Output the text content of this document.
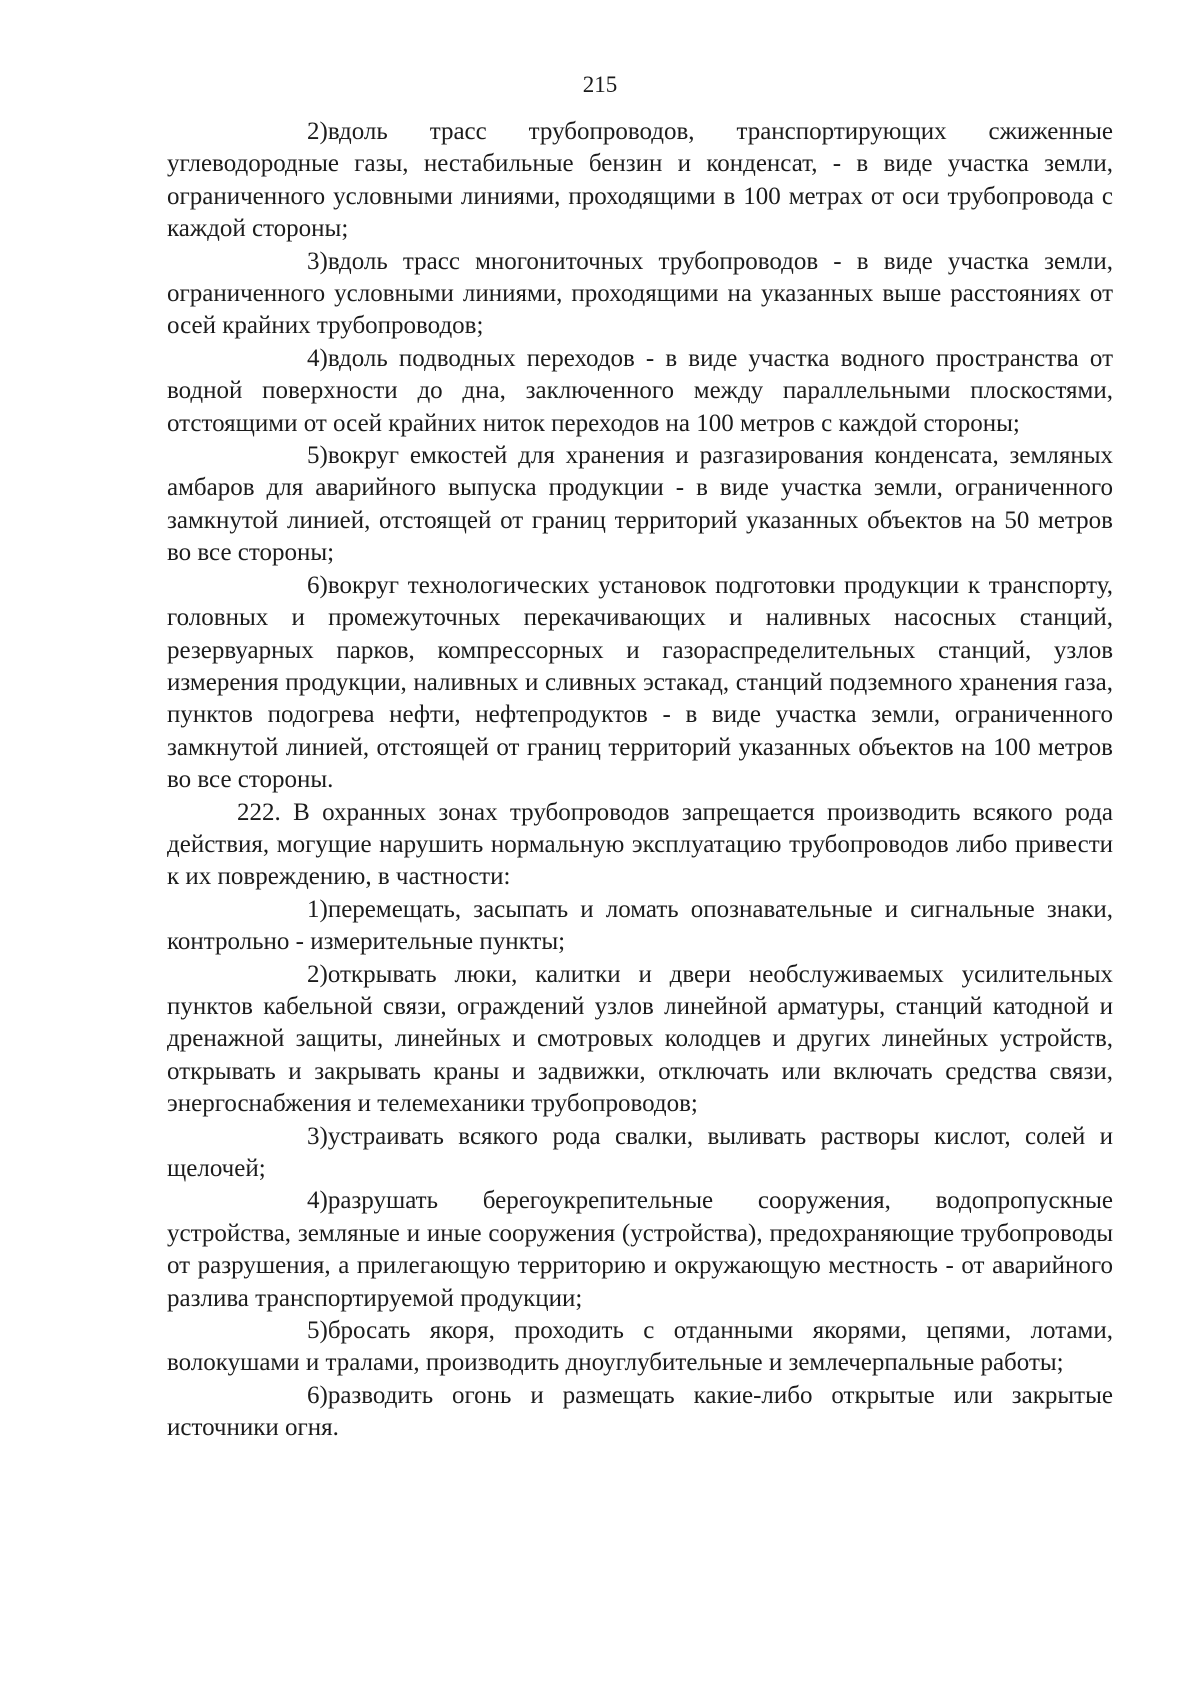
215

2)вдоль трасс трубопроводов, транспортирующих сжиженные углеводородные газы, нестабильные бензин и конденсат, - в виде участка земли, ограниченного условными линиями, проходящими в 100 метрах от оси трубопровода с каждой стороны;

3)вдоль трасс многониточных трубопроводов - в виде участка земли, ограниченного условными линиями, проходящими на указанных выше расстояниях от осей крайних трубопроводов;

4)вдоль подводных переходов - в виде участка водного пространства от водной поверхности до дна, заключенного между параллельными плоскостями, отстоящими от осей крайних ниток переходов на 100 метров с каждой стороны;

5)вокруг емкостей для хранения и разгазирования конденсата, земляных амбаров для аварийного выпуска продукции - в виде участка земли, ограниченного замкнутой линией, отстоящей от границ территорий указанных объектов на 50 метров во все стороны;

6)вокруг технологических установок подготовки продукции к транспорту, головных и промежуточных перекачивающих и наливных насосных станций, резервуарных парков, компрессорных и газораспределительных станций, узлов измерения продукции, наливных и сливных эстакад, станций подземного хранения газа, пунктов подогрева нефти, нефтепродуктов - в виде участка земли, ограниченного замкнутой линией, отстоящей от границ территорий указанных объектов на 100 метров во все стороны.

222. В охранных зонах трубопроводов запрещается производить всякого рода действия, могущие нарушить нормальную эксплуатацию трубопроводов либо привести к их повреждению, в частности:

1)перемещать, засыпать и ломать опознавательные и сигнальные знаки, контрольно - измерительные пункты;

2)открывать люки, калитки и двери необслуживаемых усилительных пунктов кабельной связи, ограждений узлов линейной арматуры, станций катодной и дренажной защиты, линейных и смотровых колодцев и других линейных устройств, открывать и закрывать краны и задвижки, отключать или включать средства связи, энергоснабжения и телемеханики трубопроводов;

3)устраивать всякого рода свалки, выливать растворы кислот, солей и щелочей;

4)разрушать берегоукрепительные сооружения, водопропускные устройства, земляные и иные сооружения (устройства), предохраняющие трубопроводы от разрушения, а прилегающую территорию и окружающую местность - от аварийного разлива транспортируемой продукции;

5)бросать якоря, проходить с отданными якорями, цепями, лотами, волокушами и тралами, производить дноуглубительные и землечерпальные работы;

6)разводить огонь и размещать какие-либо открытые или закрытые источники огня.
